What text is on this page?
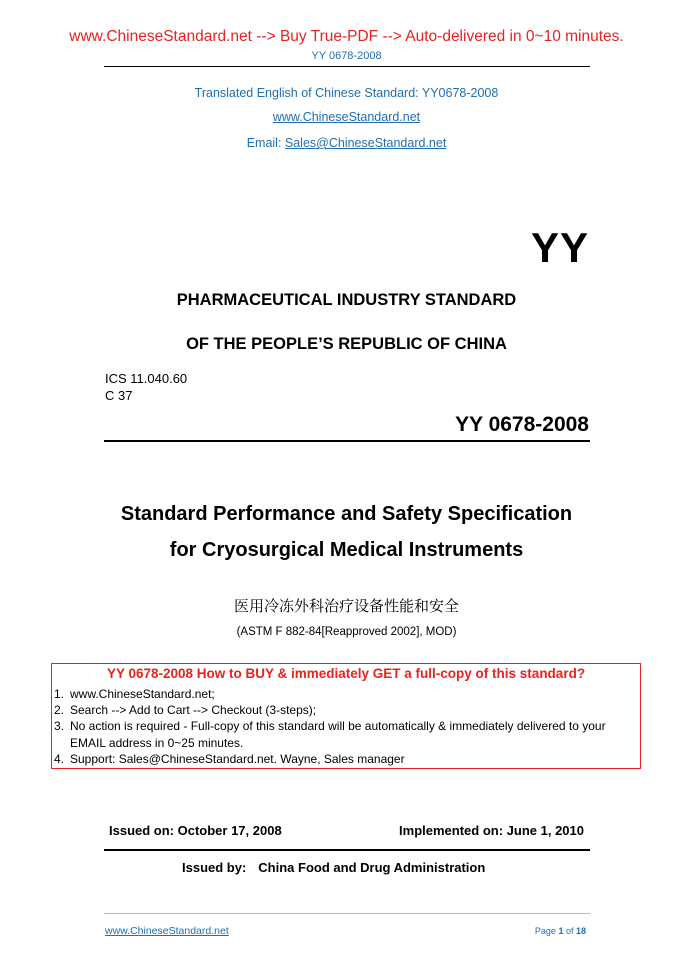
www.ChineseStandard.net --> Buy True-PDF --> Auto-delivered in 0~10 minutes.
YY 0678-2008
Translated English of Chinese Standard: YY0678-2008
www.ChineseStandard.net
Email: Sales@ChineseStandard.net
YY
PHARMACEUTICAL INDUSTRY STANDARD
OF THE PEOPLE’S REPUBLIC OF CHINA
ICS 11.040.60
C 37
YY 0678-2008
Standard Performance and Safety Specification
for Cryosurgical Medical Instruments
医用冷冻外科治疗设备性能和安全
(ASTM F 882-84[Reapproved 2002], MOD)
YY 0678-2008 How to BUY & immediately GET a full-copy of this standard?
1. www.ChineseStandard.net;
2. Search --> Add to Cart --> Checkout (3-steps);
3. No action is required - Full-copy of this standard will be automatically & immediately delivered to your EMAIL address in 0~25 minutes.
4. Support: Sales@ChineseStandard.net. Wayne, Sales manager
Issued on: October 17, 2008	Implemented on: June 1, 2010
Issued by: China Food and Drug Administration
www.ChineseStandard.net	Page 1 of 18
